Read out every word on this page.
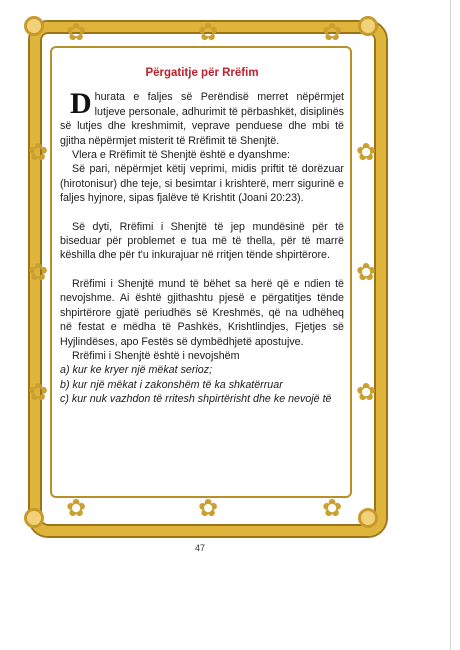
✿	✿	✿
✿	✿	✿
✿
✿
✿
✿
✿
✿
Përgatitje për Rrëfim

Dhurata e faljes së Perëndisë merret nëpërmjet lutjeve personale, adhurimit të përbashkët, disiplinës së lutjes dhe kreshmimit, veprave penduese dhe mbi të gjitha nëpërmjet misterit të Rrëfimit të Shenjtë.

Vlera e Rrëfimit të Shenjtë është e dyanshme:

Së pari, nëpërmjet këtij veprimi, midis priftit të dorëzuar (hirotonisur) dhe teje, si besimtar i krishterë, merr sigurinë e faljes hyjnore, sipas fjalëve të Krishtit (Joani 20:23).

Së dyti, Rrëfimi i Shenjtë të jep mundësinë për të biseduar për problemet e tua më të thella, për të marrë këshilla dhe për t'u inkurajuar në rritjen tënde shpirtërore.

Rrëfimi i Shenjtë mund të bëhet sa herë që e ndien të nevojshme. Ai është gjithashtu pjesë e përgatitjes tënde shpirtërore gjatë periudhës së Kreshmës, që na udhëheq në festat e mëdha të Pashkës, Krishtlindjes, Fjetjes së Hyjlindëses, apo Festës së dymbëdhjetë apostujve.

Rrëfimi i Shenjtë është i nevojshëm

a) kur ke kryer një mëkat serioz;

b) kur një mëkat i zakonshëm të ka shkatërruar

c) kur nuk vazhdon të rritesh shpirtërisht dhe ke nevojë të

47
